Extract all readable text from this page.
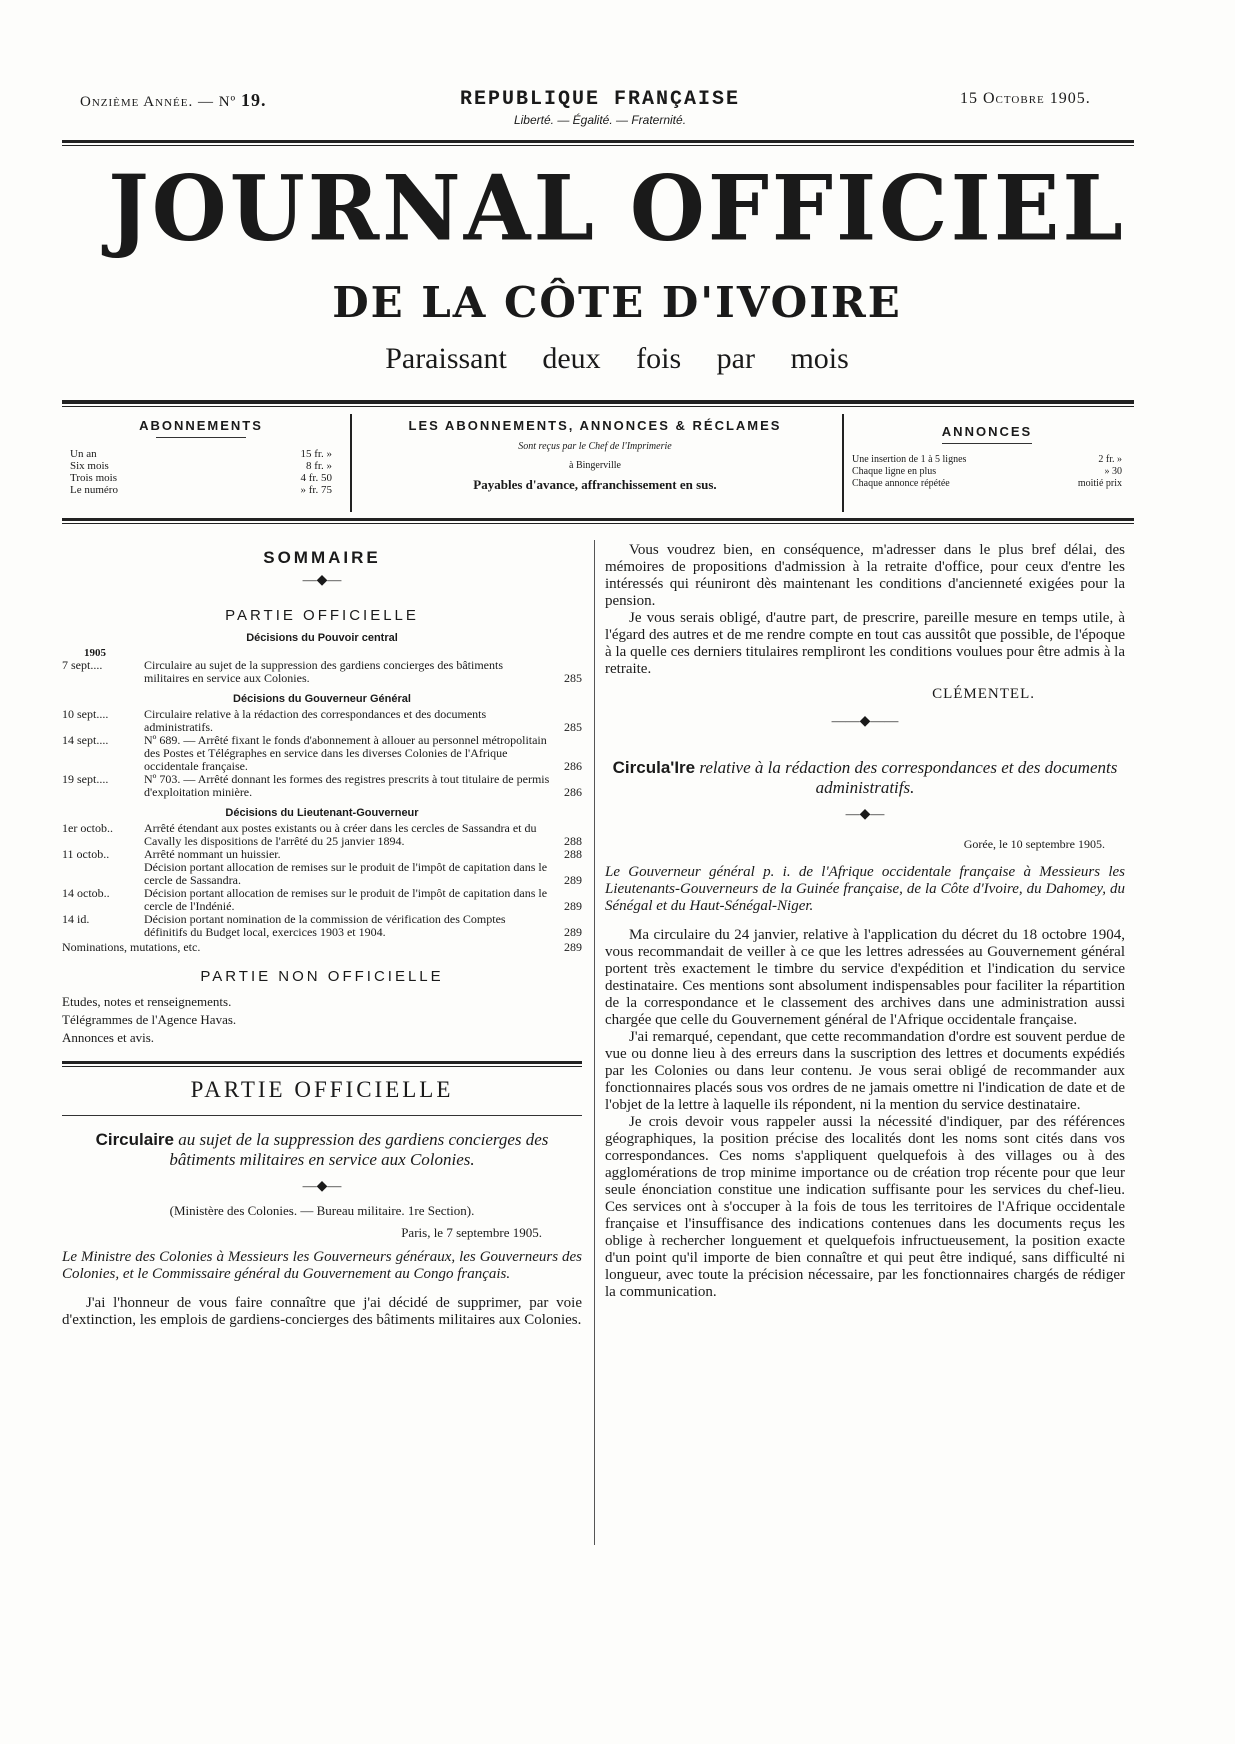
Onzième Année. — Nº 19.	REPUBLIQUE FRANÇAISE
Liberté. — Égalité. — Fraternité.
15 Octobre 1905.
JOURNAL OFFICIEL
DE LA CÔTE D'IVOIRE
Paraissant deux fois par mois
ABONNEMENTS
Un an	15 fr. »
Six mois	8 fr. »
Trois mois	4 fr. 50
Le numéro	» fr. 75
LES ABONNEMENTS, ANNONCES & RÉCLAMES
Sont reçus par le Chef de l'Imprimerie
à Bingerville
Payables d'avance, affranchissement en sus.
ANNONCES
Une insertion de 1 à 5 lignes	2 fr. »
Chaque ligne en plus	» 30
Chaque annonce répétée	moitié prix
SOMMAIRE
—◆—
PARTIE OFFICIELLE
Décisions du Pouvoir central
1905
7 sept....	Circulaire au sujet de la suppression des gardiens concierges des bâtiments militaires en service aux Colonies.	285
Décisions du Gouverneur Général
10 sept....	Circulaire relative à la rédaction des correspondances et des documents administratifs.	285
14 sept....	Nº 689. — Arrêté fixant le fonds d'abonnement à allouer au personnel métropolitain des Postes et Télégraphes en service dans les diverses Colonies de l'Afrique occidentale française.	286
19 sept....	Nº 703. — Arrêté donnant les formes des registres prescrits à tout titulaire de permis d'exploitation minière.	286
Décisions du Lieutenant-Gouverneur
1er octob..	Arrêté étendant aux postes existants ou à créer dans les cercles de Sassandra et du Cavally les dispositions de l'arrêté du 25 janvier 1894.	288
11 octob..	Arrêté nommant un huissier.	288
Décision portant allocation de remises sur le produit de l'impôt de capitation dans le cercle de Sassandra.	289
14 octob..	Décision portant allocation de remises sur le produit de l'impôt de capitation dans le cercle de l'Indénié.	289
14 id.	Décision portant nomination de la commission de vérification des Comptes définitifs du Budget local, exercices 1903 et 1904.	289
Nominations, mutations, etc.	289
PARTIE NON OFFICIELLE
Etudes, notes et renseignements.
Télégrammes de l'Agence Havas.
Annonces et avis.
PARTIE OFFICIELLE
Circulaire au sujet de la suppression des gardiens concierges des bâtiments militaires en service aux Colonies.
—◆—
(Ministère des Colonies. — Bureau militaire. 1re Section).
Paris, le 7 septembre 1905.

Le Ministre des Colonies à Messieurs les Gouverneurs généraux, les Gouverneurs des Colonies, et le Commissaire général du Gouvernement au Congo français.

J'ai l'honneur de vous faire connaître que j'ai décidé de supprimer, par voie d'extinction, les emplois de gardiens-concierges des bâtiments militaires aux Colonies.

Vous voudrez bien, en conséquence, m'adresser dans le plus bref délai, des mémoires de propositions d'admission à la retraite d'office, pour ceux d'entre les intéressés qui réuniront dès maintenant les conditions d'ancienneté exigées pour la pension.

Je vous serais obligé, d'autre part, de prescrire, pareille mesure en temps utile, à l'égard des autres et de me rendre compte en tout cas aussitôt que possible, de l'époque à la quelle ces derniers titulaires rempliront les conditions voulues pour être admis à la retraite.

CLÉMENTEL.
——◆——
Circula'Ire relative à la rédaction des correspondances et des documents administratifs.
—◆—
Gorée, le 10 septembre 1905.

Le Gouverneur général p. i. de l'Afrique occidentale française à Messieurs les Lieutenants-Gouverneurs de la Guinée française, de la Côte d'Ivoire, du Dahomey, du Sénégal et du Haut-Sénégal-Niger.

Ma circulaire du 24 janvier, relative à l'application du décret du 18 octobre 1904, vous recommandait de veiller à ce que les lettres adressées au Gouvernement général portent très exactement le timbre du service d'expédition et l'indication du service destinataire. Ces mentions sont absolument indispensables pour faciliter la répartition de la correspondance et le classement des archives dans une administration aussi chargée que celle du Gouvernement général de l'Afrique occidentale française.

J'ai remarqué, cependant, que cette recommandation d'ordre est souvent perdue de vue ou donne lieu à des erreurs dans la suscription des lettres et documents expédiés par les Colonies ou dans leur contenu. Je vous serai obligé de recommander aux fonctionnaires placés sous vos ordres de ne jamais omettre ni l'indication de date et de l'objet de la lettre à laquelle ils répondent, ni la mention du service destinataire.

Je crois devoir vous rappeler aussi la nécessité d'indiquer, par des références géographiques, la position précise des localités dont les noms sont cités dans vos correspondances. Ces noms s'appliquent quelquefois à des villages ou à des agglomérations de trop minime importance ou de création trop récente pour que leur seule énonciation constitue une indication suffisante pour les services du chef-lieu. Ces services ont à s'occuper à la fois de tous les territoires de l'Afrique occidentale française et l'insuffisance des indications contenues dans les documents reçus les oblige à rechercher longuement et quelquefois infructueusement, la position exacte d'un point qu'il importe de bien connaître et qui peut être indiqué, sans difficulté ni longueur, avec toute la précision nécessaire, par les fonctionnaires chargés de rédiger la communication.
